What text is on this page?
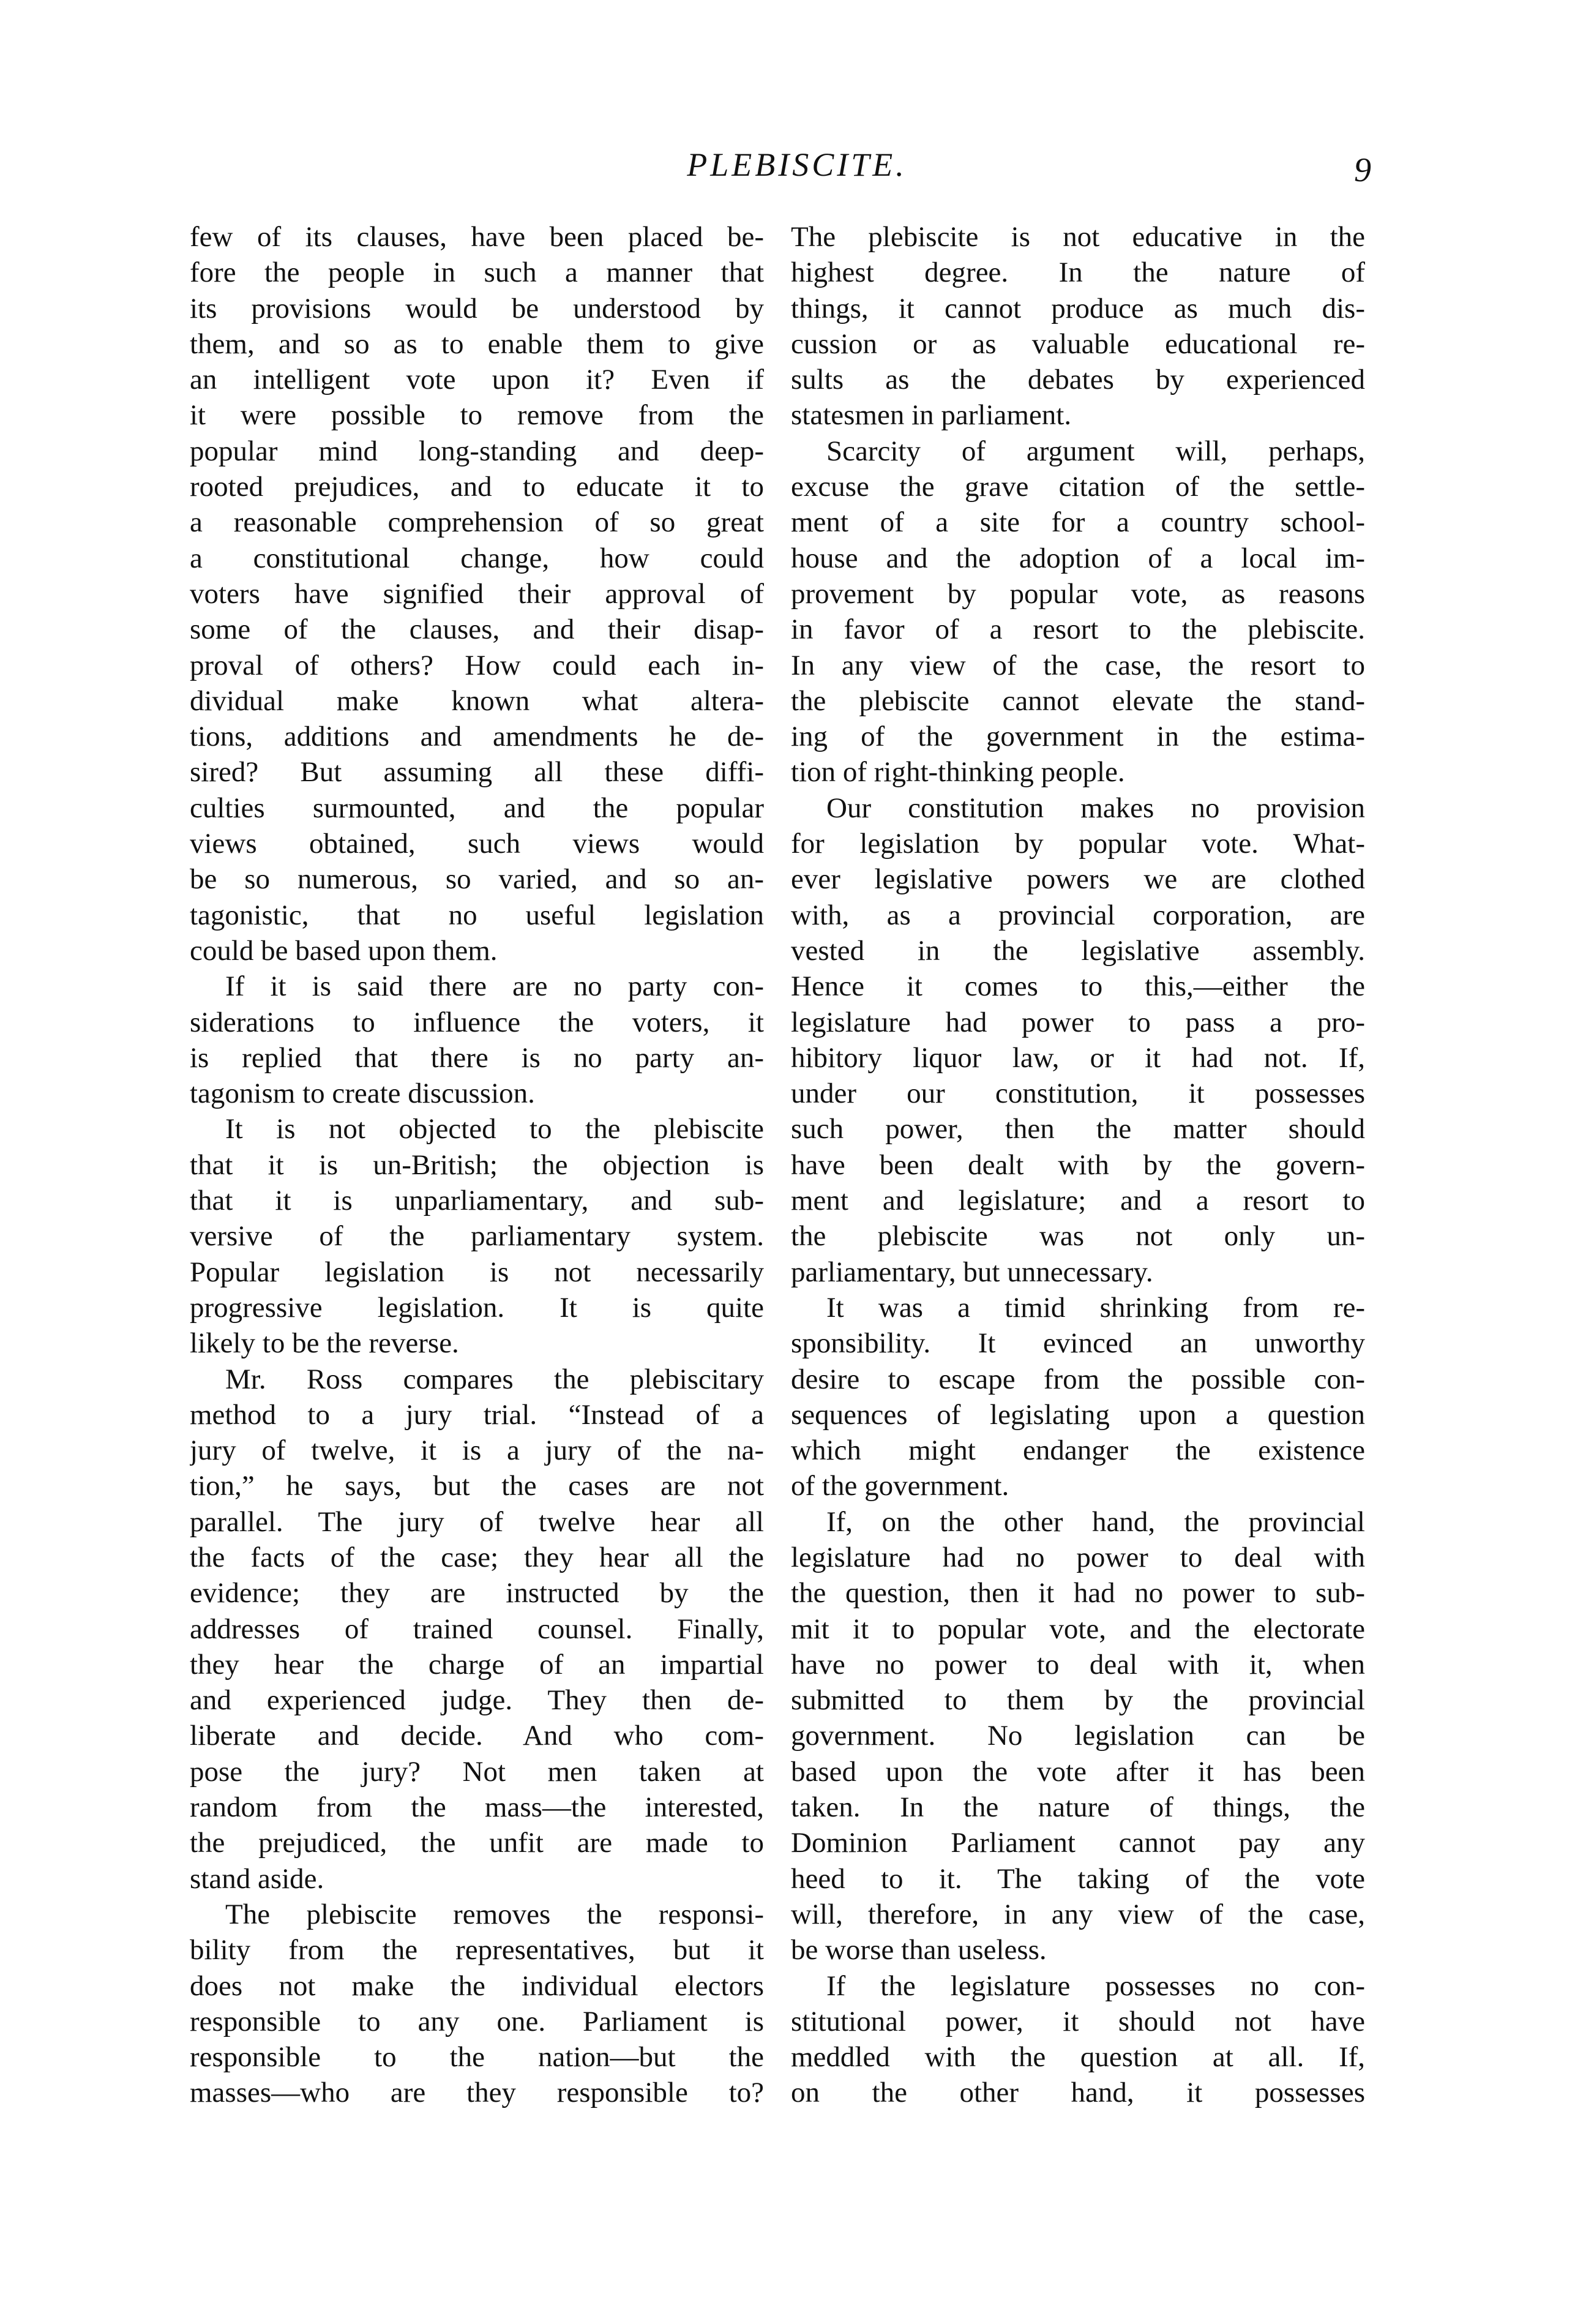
PLEBISCITE.	9
few of its clauses, have been placed be-
fore the people in such a manner that
its provisions would be understood by
them, and so as to enable them to give
an intelligent vote upon it? Even if
it were possible to remove from the
popular mind long-standing and deep-
rooted prejudices, and to educate it to
a reasonable comprehension of so great
a constitutional change, how could
voters have signified their approval of
some of the clauses, and their disap-
proval of others? How could each in-
dividual make known what altera-
tions, additions and amendments he de-
sired? But assuming all these diffi-
culties surmounted, and the popular
views obtained, such views would
be so numerous, so varied, and so an-
tagonistic, that no useful legislation
could be based upon them.
If it is said there are no party con-
siderations to influence the voters, it
is replied that there is no party an-
tagonism to create discussion.
It is not objected to the plebiscite
that it is un-British; the objection is
that it is unparliamentary, and sub-
versive of the parliamentary system.
Popular legislation is not necessarily
progressive legislation. It is quite
likely to be the reverse.
Mr. Ross compares the plebiscitary
method to a jury trial. “Instead of a
jury of twelve, it is a jury of the na-
tion,” he says, but the cases are not
parallel. The jury of twelve hear all
the facts of the case; they hear all the
evidence; they are instructed by the
addresses of trained counsel. Finally,
they hear the charge of an impartial
and experienced judge. They then de-
liberate and decide. And who com-
pose the jury? Not men taken at
random from the mass—the interested,
the prejudiced, the unfit are made to
stand aside.
The plebiscite removes the responsi-
bility from the representatives, but it
does not make the individual electors
responsible to any one. Parliament is
responsible to the nation—but the
masses—who are they responsible to?
The plebiscite is not educative in the
highest degree. In the nature of
things, it cannot produce as much dis-
cussion or as valuable educational re-
sults as the debates by experienced
statesmen in parliament.
Scarcity of argument will, perhaps,
excuse the grave citation of the settle-
ment of a site for a country school-
house and the adoption of a local im-
provement by popular vote, as reasons
in favor of a resort to the plebiscite.
In any view of the case, the resort to
the plebiscite cannot elevate the stand-
ing of the government in the estima-
tion of right-thinking people.
Our constitution makes no provision
for legislation by popular vote. What-
ever legislative powers we are clothed
with, as a provincial corporation, are
vested in the legislative assembly.
Hence it comes to this,—either the
legislature had power to pass a pro-
hibitory liquor law, or it had not. If,
under our constitution, it possesses
such power, then the matter should
have been dealt with by the govern-
ment and legislature; and a resort to
the plebiscite was not only un-
parliamentary, but unnecessary.
It was a timid shrinking from re-
sponsibility. It evinced an unworthy
desire to escape from the possible con-
sequences of legislating upon a question
which might endanger the existence
of the government.
If, on the other hand, the provincial
legislature had no power to deal with
the question, then it had no power to sub-
mit it to popular vote, and the electorate
have no power to deal with it, when
submitted to them by the provincial
government. No legislation can be
based upon the vote after it has been
taken. In the nature of things, the
Dominion Parliament cannot pay any
heed to it. The taking of the vote
will, therefore, in any view of the case,
be worse than useless.
If the legislature possesses no con-
stitutional power, it should not have
meddled with the question at all. If,
on the other hand, it possesses
